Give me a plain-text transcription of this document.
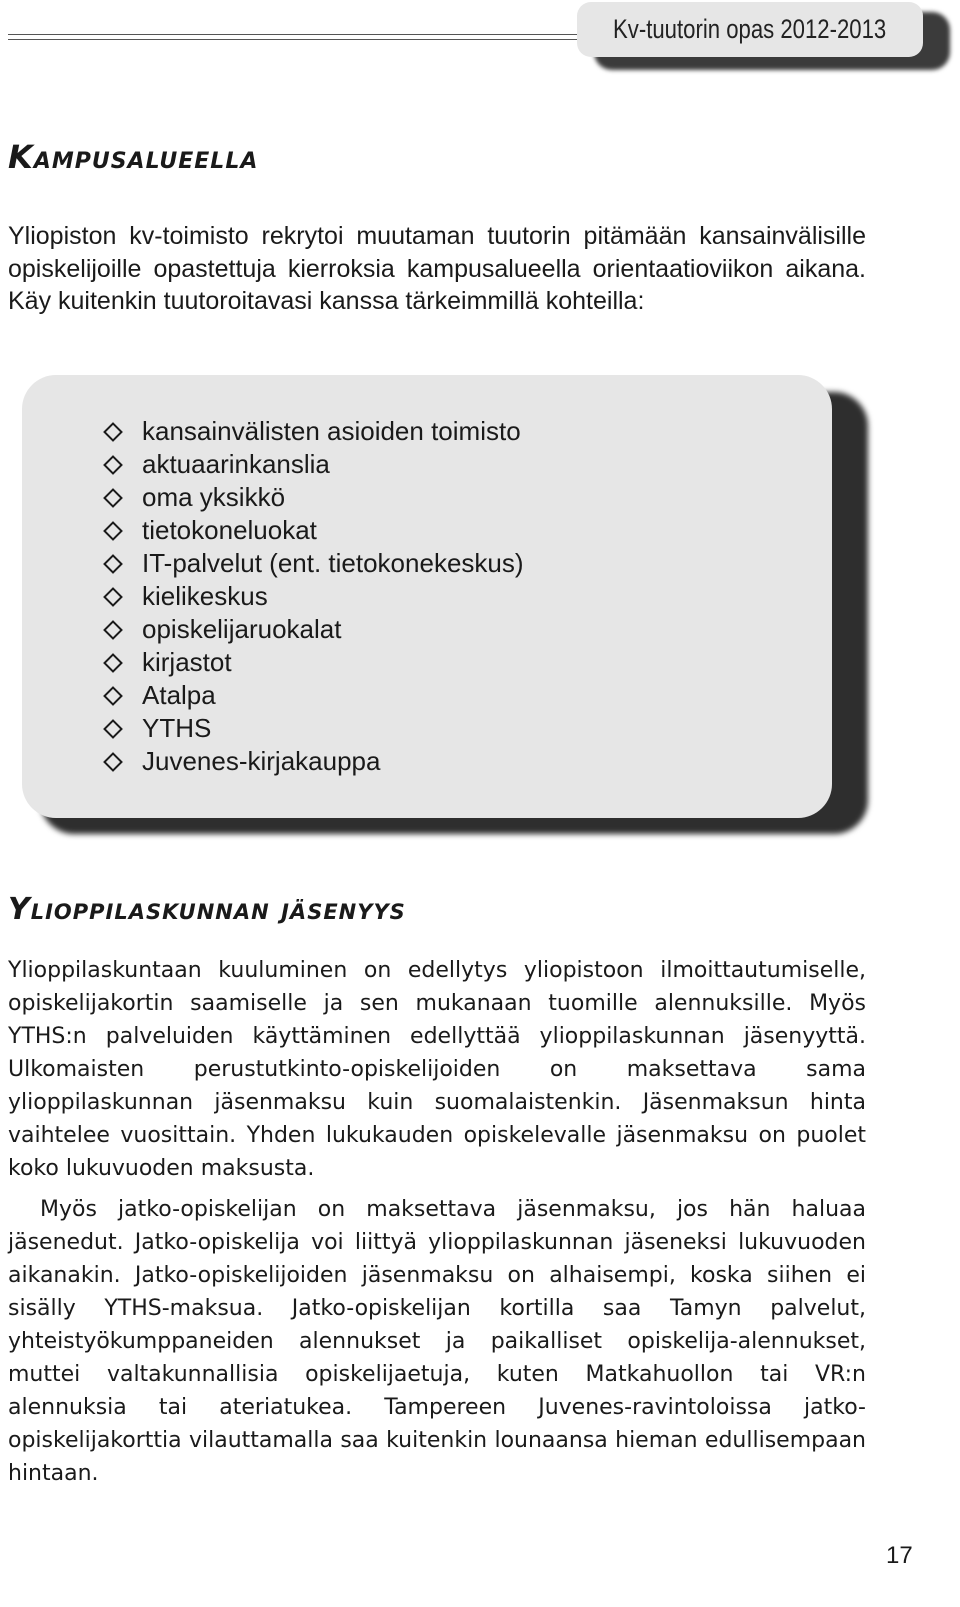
Kv-tuutorin opas 2012-2013
Kampusalueella

Yliopiston kv-toimisto rekrytoi muutaman tuutorin pitämään kansainvälisille opiskelijoille opastettuja kierroksia kampusalueella orientaatioviikon aikana. Käy kuitenkin tuutoroitavasi kanssa tärkeimmillä kohteilla:

kansainvälisten asioiden toimisto
aktuaarinkanslia
oma yksikkö
tietokoneluokat
IT-palvelut (ent. tietokonekeskus)
kielikeskus
opiskelijaruokalat
kirjastot
Atalpa
YTHS
Juvenes-kirjakauppa
Ylioppilaskunnan jäsenyys

Ylioppilaskuntaan kuuluminen on edellytys yliopistoon ilmoittautumiselle, opiskelijakortin saamiselle ja sen mukanaan tuomille alennuksille. Myös YTHS:n palveluiden käyttäminen edellyttää ylioppilaskunnan jäsenyyttä. Ulkomaisten perustutkinto-opiskelijoiden on maksettava sama ylioppilaskunnan jäsenmaksu kuin suomalaistenkin. Jäsenmaksun hinta vaihtelee vuosittain. Yhden lukukauden opiskelevalle jäsenmaksu on puolet koko lukuvuoden maksusta.

Myös jatko-opiskelijan on maksettava jäsenmaksu, jos hän haluaa jäsenedut. Jatko-opiskelija voi liittyä ylioppilaskunnan jäseneksi lukuvuoden aikanakin. Jatko-opiskelijoiden jäsenmaksu on alhaisempi, koska siihen ei sisälly YTHS-maksua. Jatko-opiskelijan kortilla saa Tamyn palvelut, yhteistyökumppaneiden alennukset ja paikalliset opiskelija-alennukset, muttei valtakunnallisia opiskelijaetuja, kuten Matkahuollon tai VR:n alennuksia tai ateriatukea. Tampereen Juvenes-ravintoloissa jatko-opiskelijakorttia vilauttamalla saa kuitenkin lounaansa hieman edullisempaan hintaan.

17
